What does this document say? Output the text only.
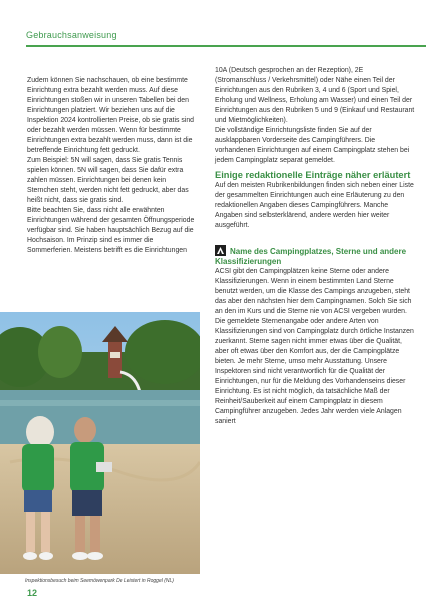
Gebrauchsanweisung

Zudem können Sie nachschauen, ob eine bestimmte Einrichtung extra bezahlt werden muss. Auf diese Einrichtungen stoßen wir in unseren Tabellen bei den Einrichtungen platziert. Wir beziehen uns auf die Inspektion 2024 kontrollierten Preise, ob sie gratis sind oder bezahlt werden müssen. Wenn für bestimmte Einrichtungen extra bezahlt werden muss, dann ist die betreffende Einrichtung fett gedruckt.

Zum Beispiel: 5N will sagen, dass Sie gratis Tennis spielen können. 5N will sagen, dass Sie dafür extra zahlen müssen. Einrichtungen bei denen kein Sternchen steht, werden nicht fett gedruckt, aber das heißt nicht, dass sie gratis sind.

Bitte beachten Sie, dass nicht alle erwähnten Einrichtungen während der gesamten Öffnungsperiode verfügbar sind. Sie haben hauptsächlich Bezug auf die Hochsaison. Im Prinzip sind es immer die Sommerferien. Meistens betrifft es die Einrichtungen

10A (Deutsch gesprochen an der Rezeption), 2E (Stromanschluss / Verkehrsmittel) oder Nähe einen Teil der Einrichtungen aus den Rubriken 3, 4 und 6 (Sport und Spiel, Erholung und Wellness, Erholung am Wasser) und einen Teil der Einrichtungen aus den Rubriken 5 und 9 (Einkauf und Restaurant und Mietmöglichkeiten).

Die vollständige Einrichtungsliste finden Sie auf der ausklappbaren Vorderseite des Campingführers. Die vorhandenen Einrichtungen auf einem Campingplatz stehen bei jedem Campingplatz separat gemeldet.

Einige redaktionelle Einträge näher erläutert

Auf den meisten Rubrikenbildungen finden sich neben einer Liste der gesammelten Einrichtungen auch eine Erläuterung zu den redaktionellen Angaben dieses Campingführers. Manche Angaben sind selbsterklärend, andere werden hier weiter ausgeführt.

Name des Campingplatzes, Sterne und andere Klassifizierungen

ACSI gibt den Campingplätzen keine Sterne oder andere Klassifizierungen. Wenn in einem bestimmten Land Sterne benutzt werden, um die Klasse des Campings anzugeben, steht das aber den nächsten hier dem Campingnamen. Solch Sie sich an den im Kurs und die Sterne nie von ACSI vergeben wurden. Die gemeldete Sternenangabe oder andere Arten von Klassifizierungen sind von Campingplatz durch örtliche Instanzen zuerkannt. Sterne sagen nicht immer etwas über die Qualität, aber oft etwas über den Komfort aus, der die Campingplätze bieten. Je mehr Sterne, umso mehr Ausstattung. Unsere Inspektoren sind nicht verantwortlich für die Qualität der Einrichtungen, nur für die Meldung des Vorhandenseins dieser Einrichtung. Es ist nicht möglich, da tatsächliche Maß der Reinheit/Sauberkeit auf einem Campingplatz in diesem Campingführer anzugeben. Jedes Jahr werden viele Anlagen saniert

Inspektionsbesuch beim Seemöwenpark De Leistert in Roggel (NL)
12
